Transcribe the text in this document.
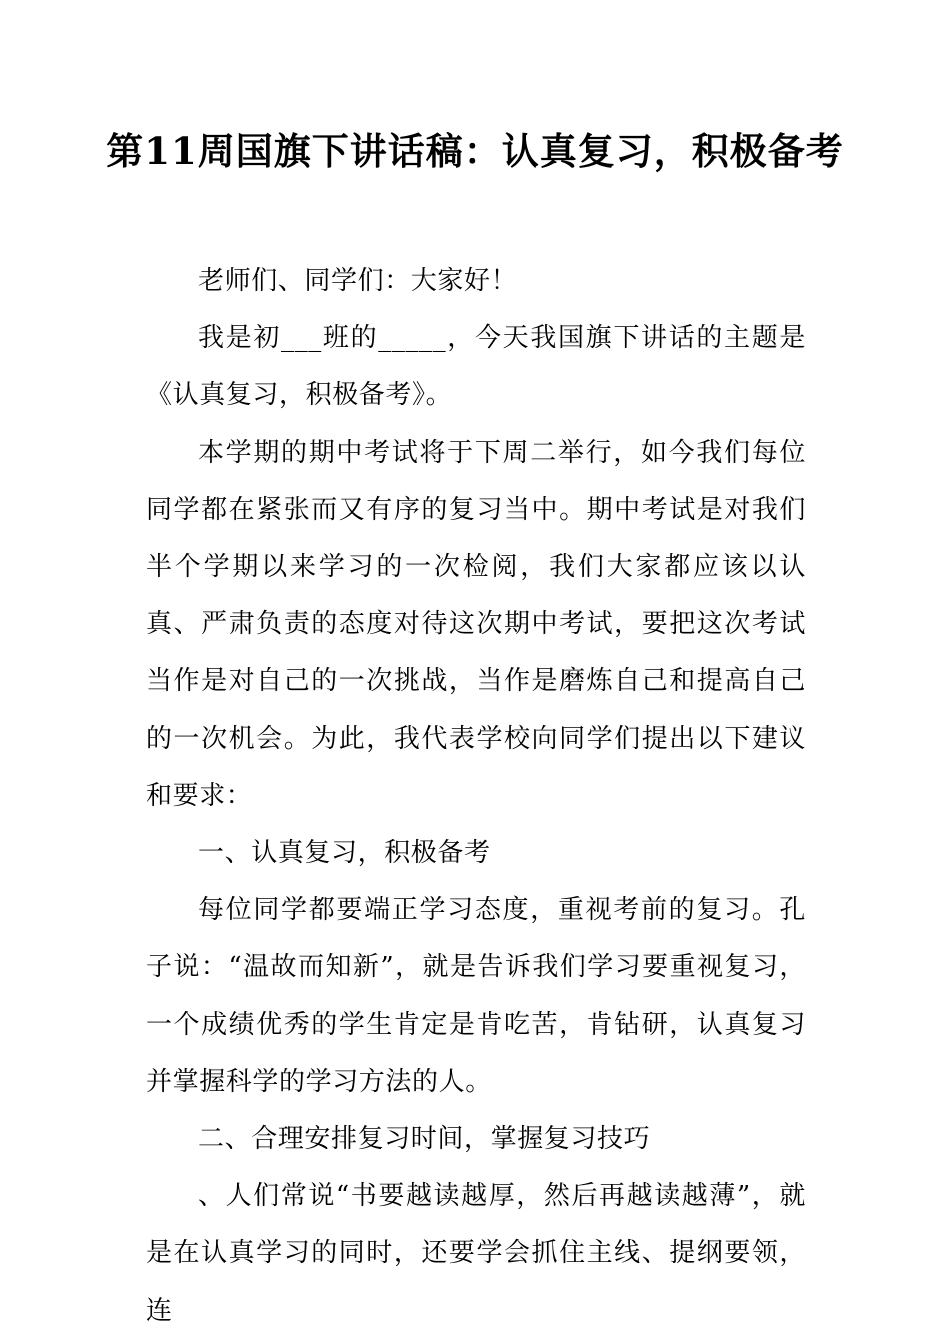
第11周国旗下讲话稿：认真复习，积极备考

老师们、同学们：大家好！

我是初___班的_____，今天我国旗下讲话的主题是《认真复习，积极备考》。

本学期的期中考试将于下周二举行，如今我们每位同学都在紧张而又有序的复习当中。期中考试是对我们半个学期以来学习的一次检阅，我们大家都应该以认真、严肃负责的态度对待这次期中考试，要把这次考试当作是对自己的一次挑战，当作是磨炼自己和提高自己的一次机会。为此，我代表学校向同学们提出以下建议和要求：

一、认真复习，积极备考

每位同学都要端正学习态度，重视考前的复习。孔子说：“温故而知新”，就是告诉我们学习要重视复习，一个成绩优秀的学生肯定是肯吃苦，肯钻研，认真复习并掌握科学的学习方法的人。

二、合理安排复习时间，掌握复习技巧

、人们常说“书要越读越厚，然后再越读越薄”，就是在认真学习的同时，还要学会抓住主线、提纲要领，连
